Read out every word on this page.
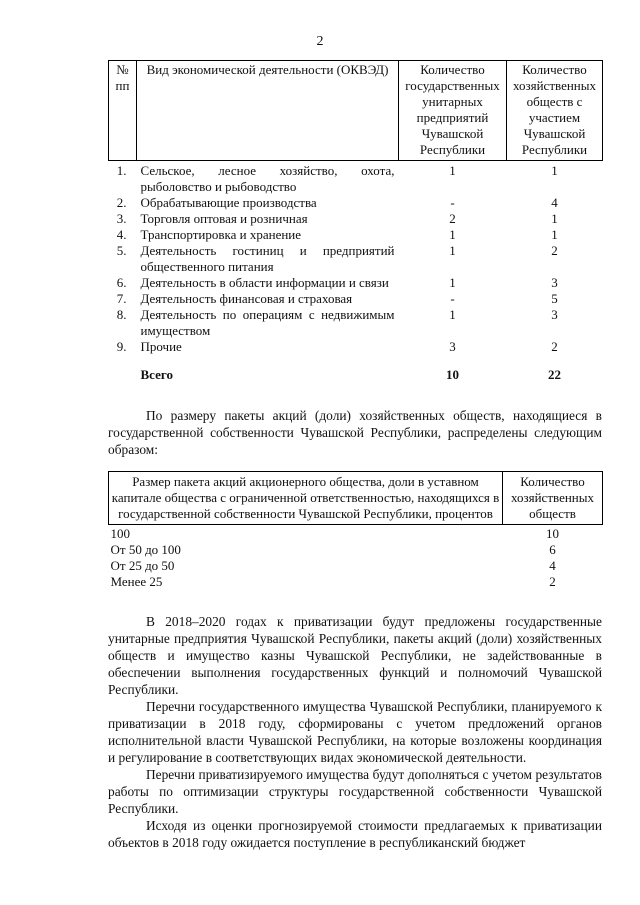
2
№ пп	Вид экономической деятельности (ОКВЭД)	Количество государственных унитарных предприятий Чувашской Республики	Количество хозяйственных обществ с участием Чувашской Республики
1.	Сельское, лесное хозяйство, охота, рыболовство и рыбоводство	1	1
2.	Обрабатывающие производства	-	4
3.	Торговля оптовая и розничная	2	1
4.	Транспортировка и хранение	1	1
5.	Деятельность гостиниц и предприятий общественного питания	1	2
6.	Деятельность в области информации и связи	1	3
7.	Деятельность финансовая и страховая	-	5
8.	Деятельность по операциям с недвижимым имуществом	1	3
9.	Прочие	3	2

	Всего	10	22

По размеру пакеты акций (доли) хозяйственных обществ, находящиеся в государственной собственности Чувашской Республики, распределены следующим образом:

Размер пакета акций акционерного общества, доли в уставном капитале общества с ограниченной ответственностью, находящихся в государственной собственности Чувашской Республики, процентов	Количество хозяйственных обществ
100	10
От 50 до 100	6
От 25 до 50	4
Менее 25	2

В 2018–2020 годах к приватизации будут предложены государственные унитарные предприятия Чувашской Республики, пакеты акций (доли) хозяйственных обществ и имущество казны Чувашской Республики, не задействованные в обеспечении выполнения государственных функций и полномочий Чувашской Республики.

Перечни государственного имущества Чувашской Республики, планируемого к приватизации в 2018 году, сформированы с учетом предложений органов исполнительной власти Чувашской Республики, на которые возложены координация и регулирование в соответствующих видах экономической деятельности.

Перечни приватизируемого имущества будут дополняться с учетом результатов работы по оптимизации структуры государственной собственности Чувашской Республики.

Исходя из оценки прогнозируемой стоимости предлагаемых к приватизации объектов в 2018 году ожидается поступление в республиканский бюджет
